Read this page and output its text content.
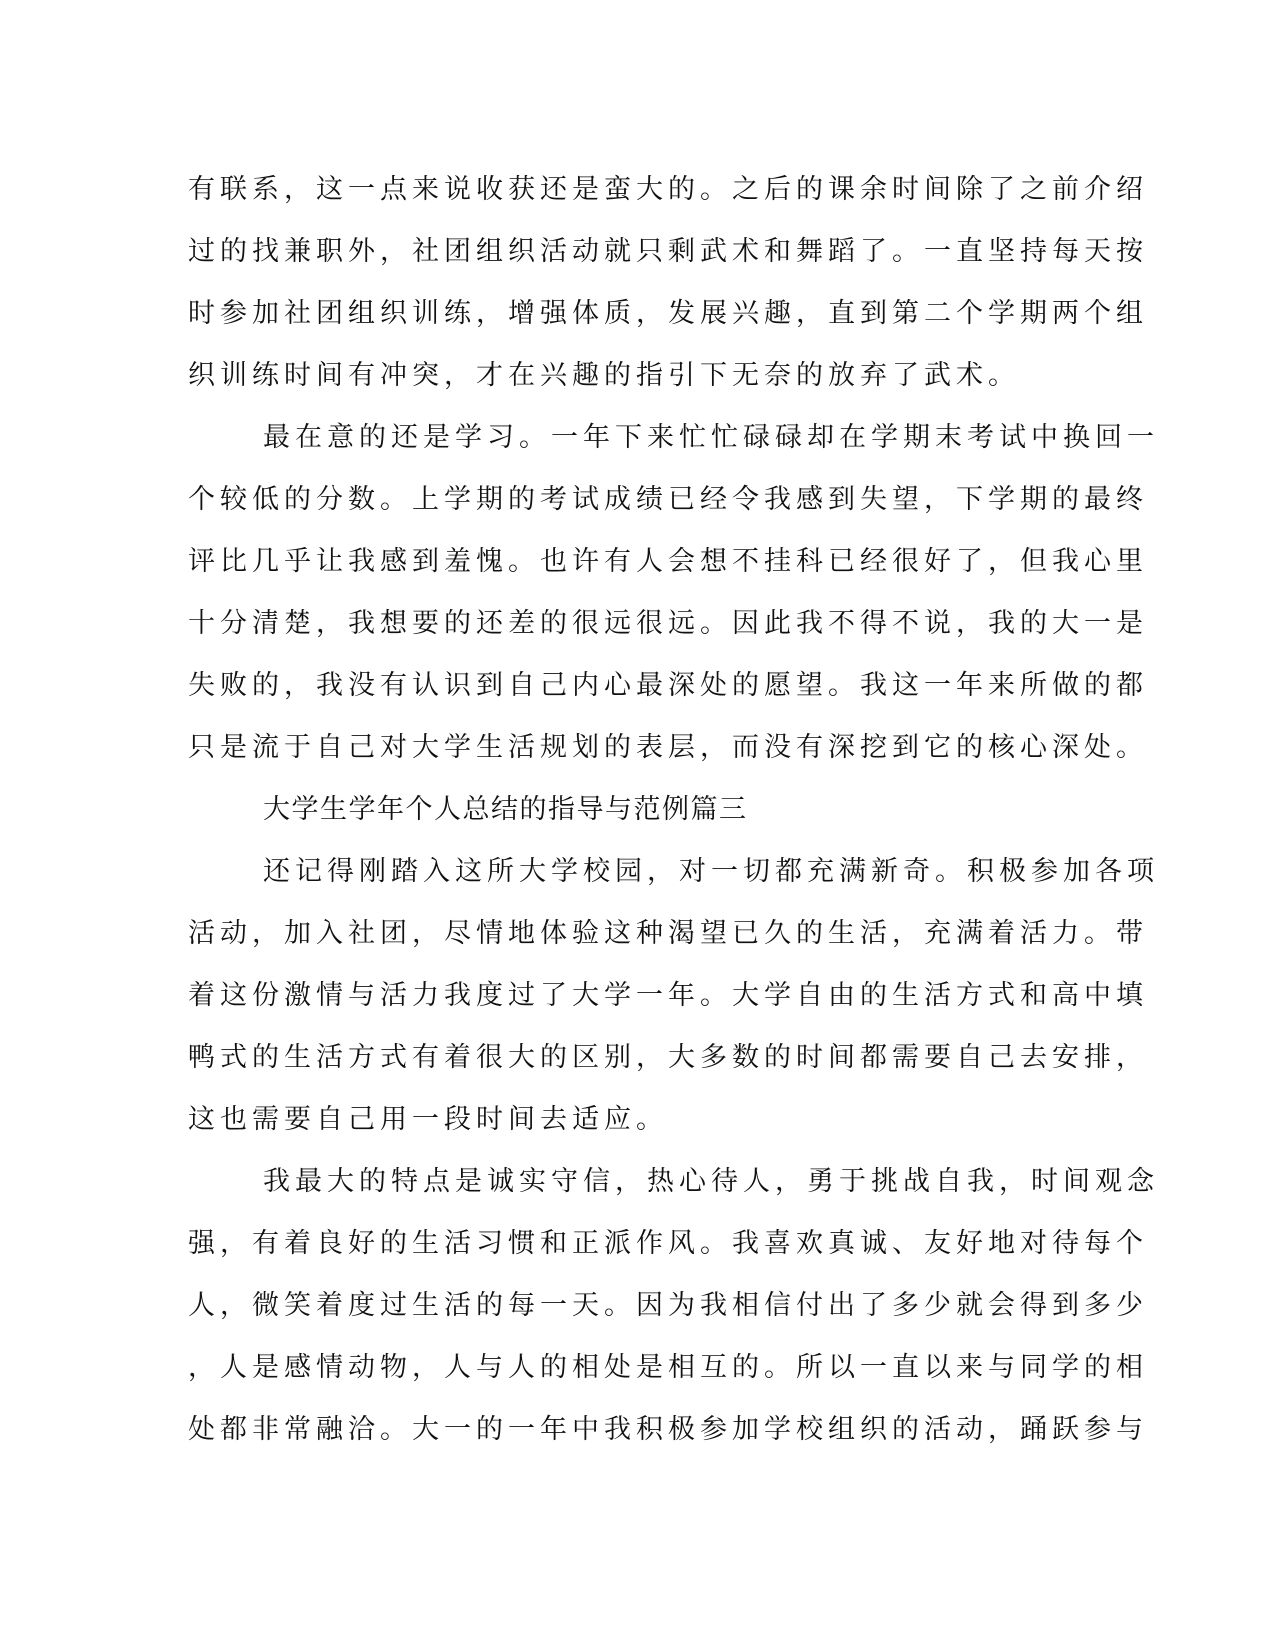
有联系，这一点来说收获还是蛮大的。之后的课余时间除了之前介绍
过的找兼职外，社团组织活动就只剩武术和舞蹈了。一直坚持每天按
时参加社团组织训练，增强体质，发展兴趣，直到第二个学期两个组
织训练时间有冲突，才在兴趣的指引下无奈的放弃了武术。
最在意的还是学习。一年下来忙忙碌碌却在学期末考试中换回一
个较低的分数。上学期的考试成绩已经令我感到失望，下学期的最终
评比几乎让我感到羞愧。也许有人会想不挂科已经很好了，但我心里
十分清楚，我想要的还差的很远很远。因此我不得不说，我的大一是
失败的，我没有认识到自己内心最深处的愿望。我这一年来所做的都
只是流于自己对大学生活规划的表层，而没有深挖到它的核心深处。
大学生学年个人总结的指导与范例篇三
还记得刚踏入这所大学校园，对一切都充满新奇。积极参加各项
活动，加入社团，尽情地体验这种渴望已久的生活，充满着活力。带
着这份激情与活力我度过了大学一年。大学自由的生活方式和高中填
鸭式的生活方式有着很大的区别，大多数的时间都需要自己去安排，
这也需要自己用一段时间去适应。
我最大的特点是诚实守信，热心待人，勇于挑战自我，时间观念
强，有着良好的生活习惯和正派作风。我喜欢真诚、友好地对待每个
人，微笑着度过生活的每一天。因为我相信付出了多少就会得到多少
，人是感情动物，人与人的相处是相互的。所以一直以来与同学的相
处都非常融洽。大一的一年中我积极参加学校组织的活动，踊跃参与
